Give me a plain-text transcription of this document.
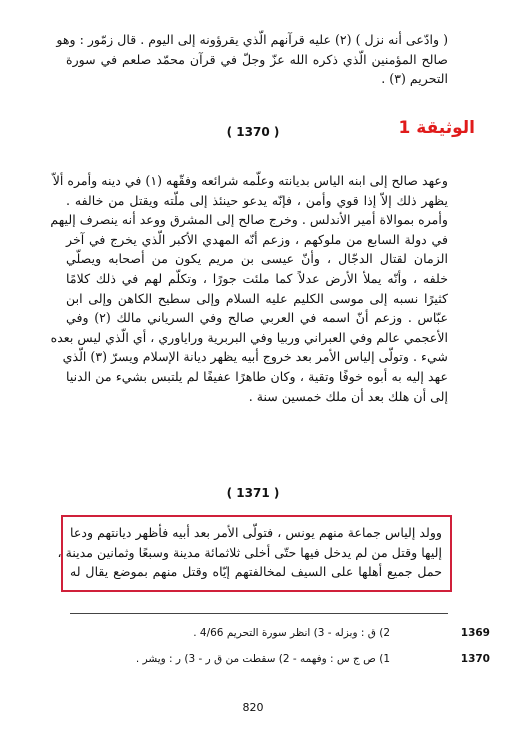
( وادّعى أنه نزل ) (٢) عليه قرآنهم الّذي يقرؤونه إلى اليوم . قال زمّور : وهو
صالح المؤمنين الّذي ذكره الله عزّ وجلّ في قرآن محمّد صلعم في سورة
التحريم (٣) .
( 1370 )	الوثيقة 1
وعهد صالح إلى ابنه الياس بديانته وعلّمه شرائعه وفقّهه (١) في دينه وأمره ألاّ
يظهر ذلك إلاّ إذا قوي وأمن ، فإنّه يدعو حينئذ إلى ملّته ويقتل من خالفه .
وأمره بموالاة أمير الأندلس . وخرج صالح إلى المشرق ووعد أنه ينصرف إليهم
في دولة السابع من ملوكهم ، وزعم أنّه المهدي الأكبر الّذي يخرج في آخر
الزمان لقتال الدجّال ، وأنّ عيسى بن مريم يكون من أصحابه ويصلّي
خلفه ، وأنّه يملأ الأرض عدلاً كما ملئت جورًا ، وتكلّم لهم في ذلك كلامًا
كثيرًا نسبه إلى موسى الكليم عليه السلام وإلى سطيح الكاهن وإلى ابن
عبّاس . وزعم أنّ اسمه في العربي صالح وفي السرياني مالك (٢) وفي
الأعجمي عالم وفي العبراني وربيا وفي البربرية وراياوري ، أي الّذي ليس بعده
شيء . وتولّى إلياس الأمر بعد خروج أبيه يظهر ديانة الإسلام ويسرّ (٣) الّذي
عهد إليه به أبوه خوفًا وتقية ، وكان طاهرًا عفيفًا لم يلتبس بشيء من الدنيا
إلى أن هلك بعد أن ملك خمسين سنة .
( 1371 )
وولد إلياس جماعة منهم يونس ، فتولّى الأمر بعد أبيه فأظهر ديانتهم ودعا
إليها وقتل من لم يدخل فيها حتّى أخلى ثلاثمائة مدينة وسبعًا وثمانين مدينة ،
حمل جميع أهلها على السيف لمخالفتهم إيّاه وقتل منهم بموضع يقال له
1369
2) ق : وبزله - 3) انظر سورة التحريم 4/66 .
1370
1) ص ج س : وفهمه - 2) سقطت من ق ر - 3) ر : ويشر .
820
